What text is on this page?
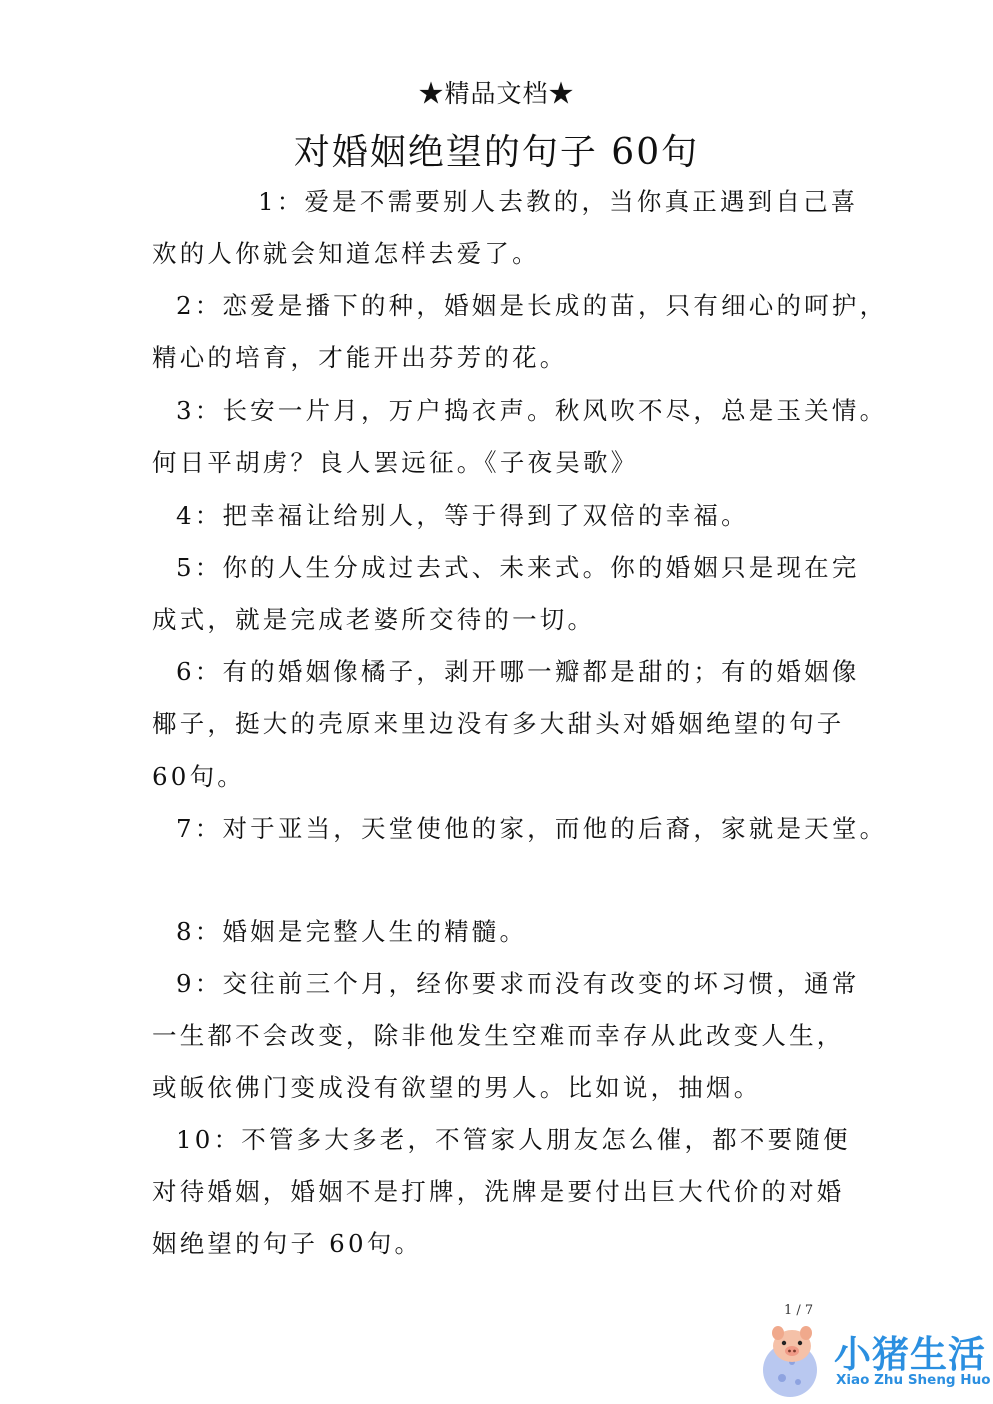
★精品文档★
对婚姻绝望的句子 60句
1：爱是不需要别人去教的，当你真正遇到自己喜
欢的人你就会知道怎样去爱了。
2：恋爱是播下的种，婚姻是长成的苗，只有细心的呵护，
精心的培育，才能开出芬芳的花。
3：长安一片月，万户捣衣声。秋风吹不尽，总是玉关情。
何日平胡虏？良人罢远征。《子夜吴歌》
4：把幸福让给别人，等于得到了双倍的幸福。
5：你的人生分成过去式、未来式。你的婚姻只是现在完
成式，就是完成老婆所交待的一切。
6：有的婚姻像橘子，剥开哪一瓣都是甜的；有的婚姻像
椰子，挺大的壳原来里边没有多大甜头对婚姻绝望的句子
60句。
7：对于亚当，天堂使他的家，而他的后裔，家就是天堂。
8：婚姻是完整人生的精髓。
9：交往前三个月，经你要求而没有改变的坏习惯，通常
一生都不会改变，除非他发生空难而幸存从此改变人生，
或皈依佛门变成没有欲望的男人。比如说，抽烟。
10：不管多大多老，不管家人朋友怎么催，都不要随便
对待婚姻，婚姻不是打牌，洗牌是要付出巨大代价的对婚
姻绝望的句子 60句。
1 / 7
小猪生活
Xiao Zhu Sheng Huo
